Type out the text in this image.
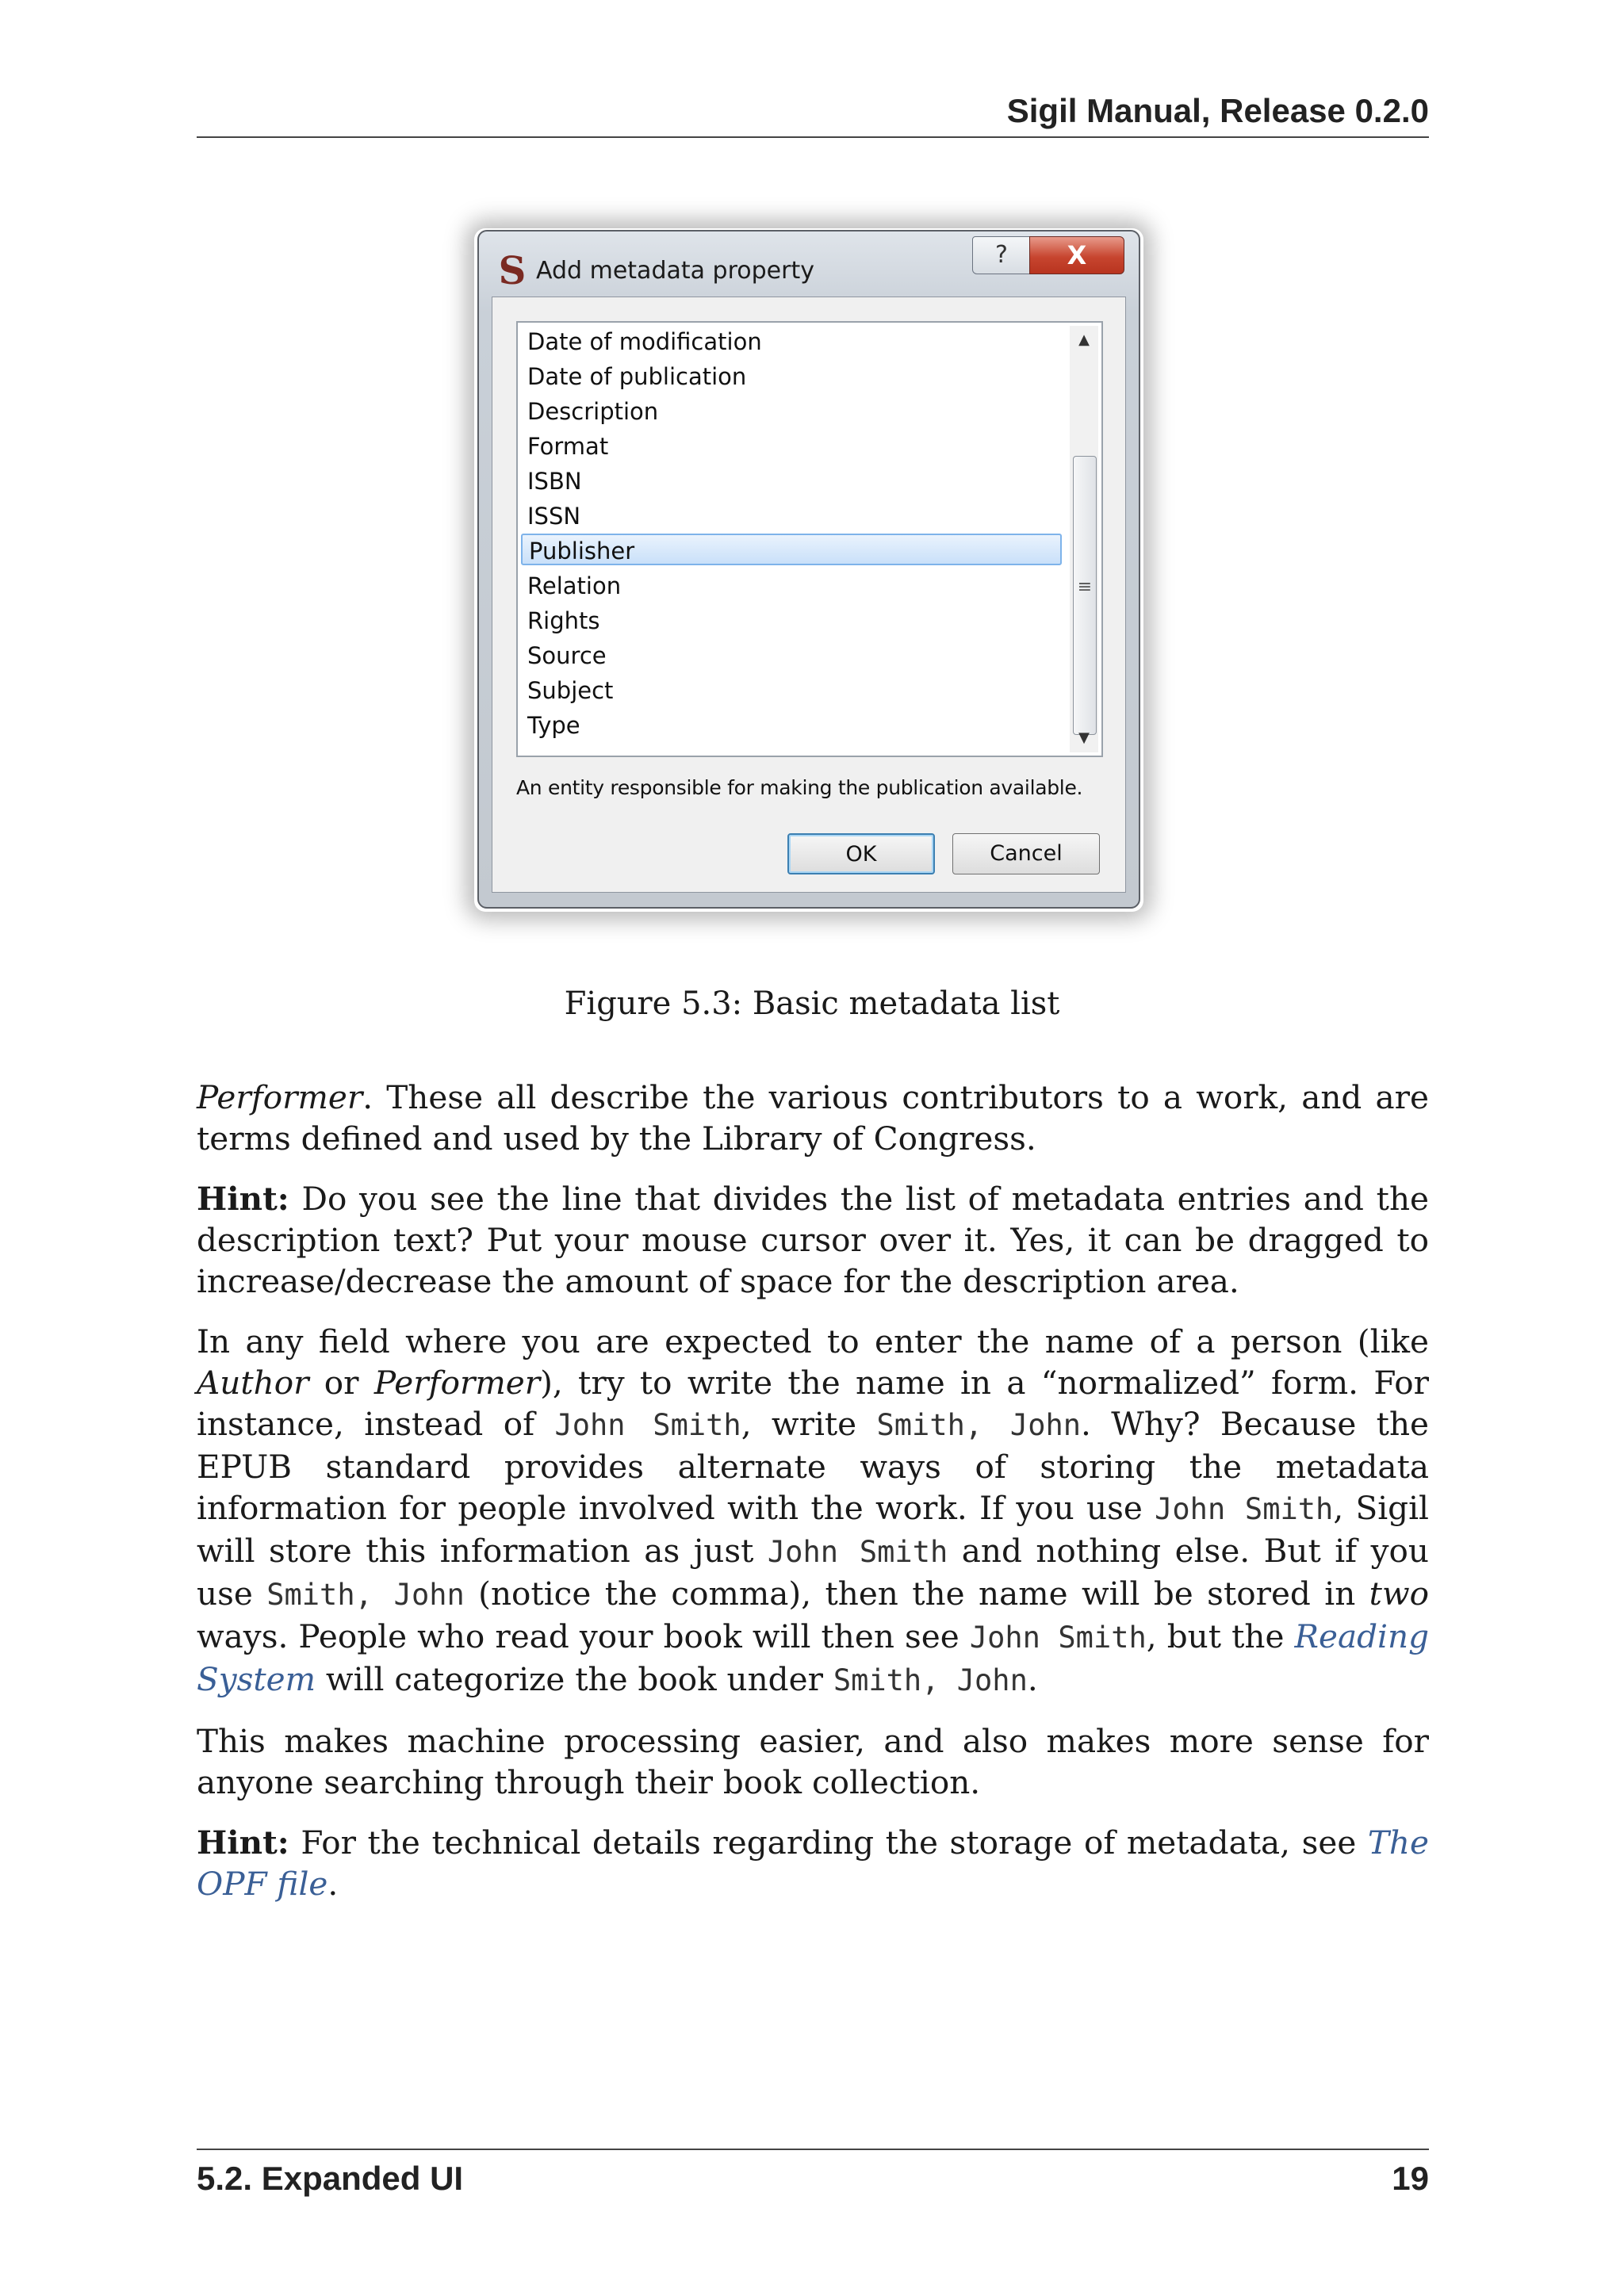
Sigil Manual, Release 0.2.0
S Add metadata property
?	X
Date of modification
Date of publication
Description
Format
ISBN
ISSN
Publisher
Relation
Rights
Source
Subject
Type
▲
≡
▼
An entity responsible for making the publication available.
OK	Cancel
Figure 5.3: Basic metadata list

Performer. These all describe the various contributors to a work, and are terms defined and used by the Library of Congress.

Hint: Do you see the line that divides the list of metadata entries and the description text? Put your mouse cursor over it. Yes, it can be dragged to increase/decrease the amount of space for the description area.

In any field where you are expected to enter the name of a person (like Author or Performer), try to write the name in a “normalized” form. For instance, instead of John Smith, write Smith, John. Why? Because the EPUB standard provides alternate ways of storing the metadata information for people involved with the work. If you use John Smith, Sigil will store this information as just John Smith and nothing else. But if you use Smith, John (notice the comma), then the name will be stored in two ways. People who read your book will then see John Smith, but the Reading System will categorize the book under Smith, John.

This makes machine processing easier, and also makes more sense for anyone searching through their book collection.

Hint: For the technical details regarding the storage of metadata, see The OPF file.

5.2. Expanded UI	19
